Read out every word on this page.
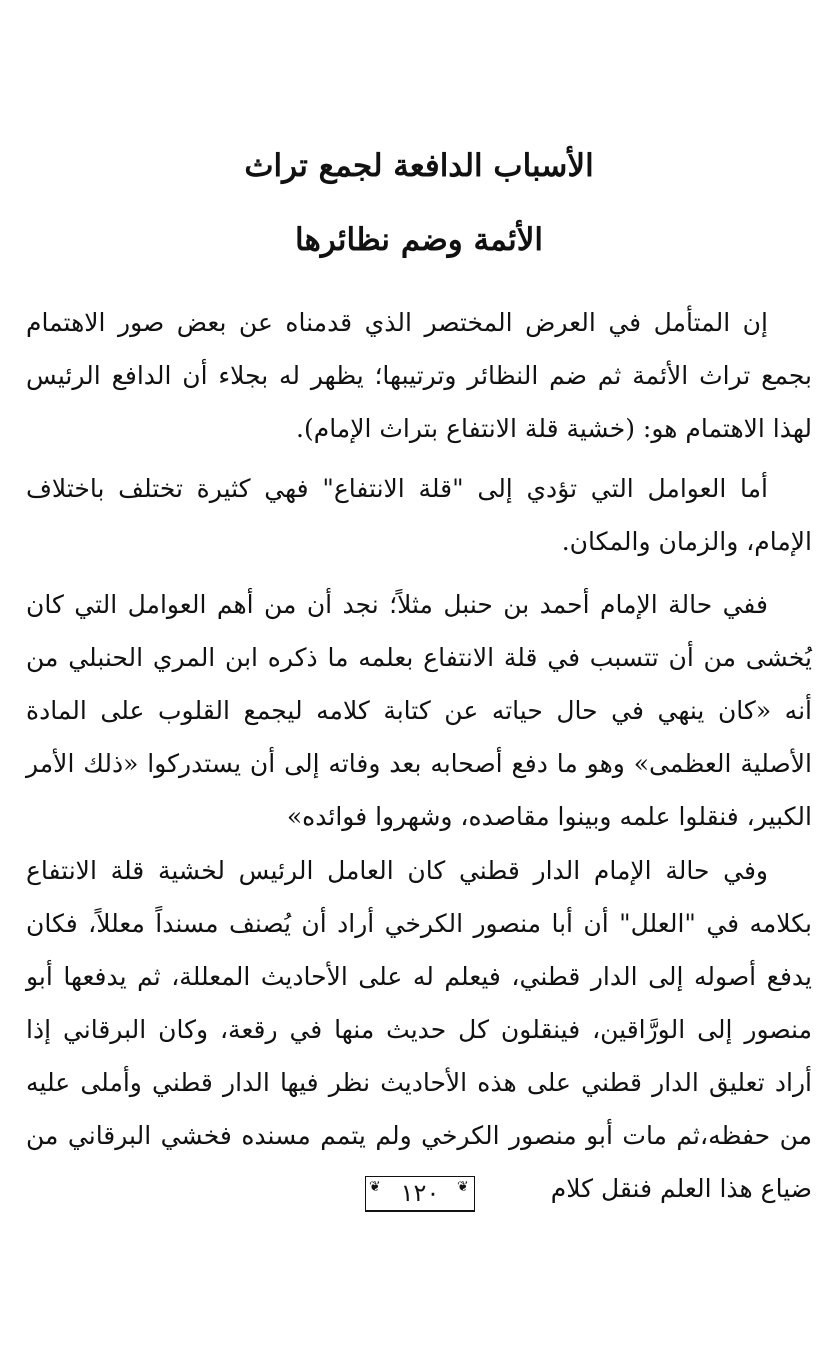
الأسباب الدافعة لجمع تراث
الأئمة وضم نظائرها

إن المتأمل في العرض المختصر الذي قدمناه عن بعض صور الاهتمام بجمع تراث الأئمة ثم ضم النظائر وترتيبها؛ يظهر له بجلاء أن الدافع الرئيس لهذا الاهتمام هو: (خشية قلة الانتفاع بتراث الإمام).

أما العوامل التي تؤدي إلى "قلة الانتفاع" فهي كثيرة تختلف باختلاف الإمام، والزمان والمكان.

ففي حالة الإمام أحمد بن حنبل مثلاً؛ نجد أن من أهم العوامل التي كان يُخشى من أن تتسبب في قلة الانتفاع بعلمه ما ذكره ابن المري الحنبلي من أنه «كان ينهي في حال حياته عن كتابة كلامه ليجمع القلوب على المادة الأصلية العظمى» وهو ما دفع أصحابه بعد وفاته إلى أن يستدركوا «ذلك الأمر الكبير، فنقلوا علمه وبينوا مقاصده، وشهروا فوائده»

وفي حالة الإمام الدار قطني كان العامل الرئيس لخشية قلة الانتفاع بكلامه في "العلل" أن أبا منصور الكرخي أراد أن يُصنف مسنداً معللاً، فكان يدفع أصوله إلى الدار قطني، فيعلم له على الأحاديث المعللة، ثم يدفعها أبو منصور إلى الورَّاقين، فينقلون كل حديث منها في رقعة، وكان البرقاني إذا أراد تعليق الدار قطني على هذه الأحاديث نظر فيها الدار قطني وأملى عليه من حفظه،ثم مات أبو منصور الكرخي ولم يتمم مسنده فخشي البرقاني من ضياع هذا العلم فنقل كلام

❦
١٢٠
❦
